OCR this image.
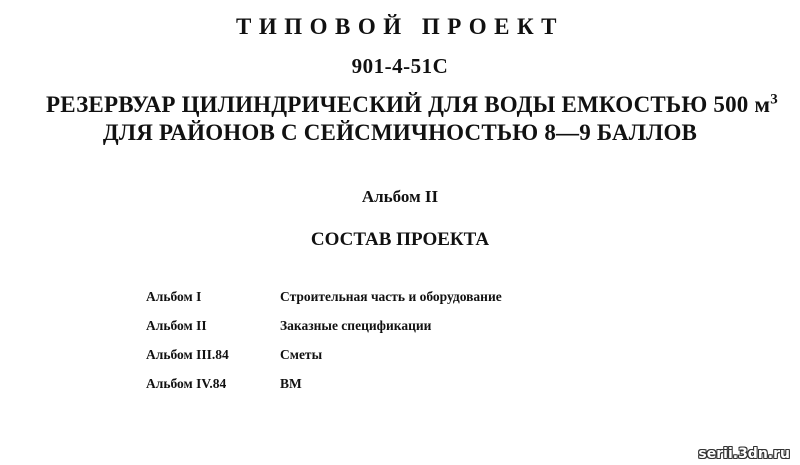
ТИПОВОЙ ПРОЕКТ
901-4-51С
РЕЗЕРВУАР ЦИЛИНДРИЧЕСКИЙ ДЛЯ ВОДЫ ЕМКОСТЬЮ 500 $м^3$
ДЛЯ РАЙОНОВ С СЕЙСМИЧНОСТЬЮ 8—9 БАЛЛОВ
Альбом II
СОСТАВ ПРОЕКТА
Альбом I	Строительная часть и оборудование
Альбом II	Заказные спецификации
Альбом III.84	Сметы
Альбом IV.84	ВМ
serii.3dn.ru
